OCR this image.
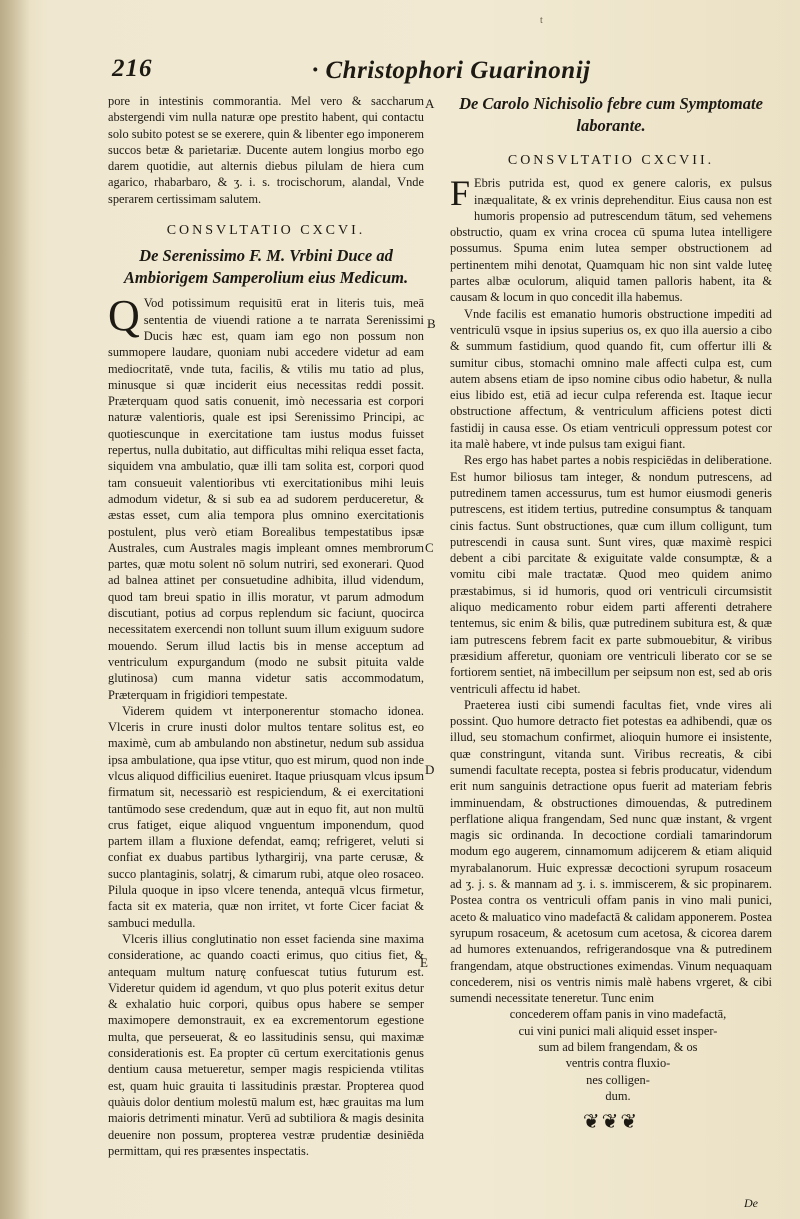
216	· Christophori Guarinonij
t
A
B
C
D
E

pore in intestinis commorantia. Mel vero & saccharum abstergendi vim nulla naturæ ope prestito habent, qui contactu solo subito potest se se exerere, quin & libenter ego imponerem succos betæ & parietariæ. Ducente autem longius morbo ego darem quotidie, aut alternis diebus pilulam de hiera cum agarico, rhabarbaro, & ʒ. i. s. trocischorum, alandal, Vnde sperarem certissimam salutem.

CONSVLTATIO CXCVI.
De Serenissimo F. M. Vrbini Duce ad Ambiorigem Samperolium eius Medicum.

Q Vod potissimum requisitū erat in literis tuis, meā sententia de viuendi ratione a te narrata Serenissimi Ducis hæc est, quam iam ego non possum non summopere laudare, quoniam nubi accedere videtur ad eam mediocritatē, vnde tuta, facilis, & vtilis mu tatio ad plus, minusque si quæ inciderit eius necessitas reddi possit. Præterquam quod satis conuenit, imò necessaria est corpori naturæ valentioris, quale est ipsi Serenissimo Principi, ac quotiescunque in exercitatione tam iustus modus fuisset repertus, nulla dubitatio, aut difficultas mihi reliqua esset facta, siquidem vna ambulatio, quæ illi tam solita est, corpori quod tam consueuit valentioribus vti exercitationibus mihi leuis admodum videtur, & si sub ea ad sudorem perduceretur, & æstas esset, cum alia tempora plus omnino exercitationis postulent, plus verò etiam Borealibus tempestatibus ipsæ Australes, cum Australes magis impleant omnes membrorum partes, quæ motu solent nō solum nutriri, sed exonerari. Quod ad balnea attinet per consuetudine adhibita, illud videndum, quod tam breui spatio in illis moratur, vt parum admodum discutiant, potius ad corpus replendum sic faciunt, quocirca necessitatem exercendi non tollunt suum illum exiguum sudore mouendo. Serum illud lactis bis in mense acceptum ad ventriculum expurgandum (modo ne subsit pituita valde glutinosa) cum manna videtur satis accommodatum, Præterquam in frigidiori tempestate.

Viderem quidem vt interponerentur stomacho idonea. Vlceris in crure inusti dolor multos tentare solitus est, eo maximè, cum ab ambulando non abstinetur, nedum sub assidua ipsa ambulatione, qua ipse vtitur, quo est mirum, quod non inde vlcus aliquod difficilius eueniret. Itaque priusquam vlcus ipsum firmatum sit, necessariò est respiciendum, & ei exercitationi tantūmodo sese credendum, quæ aut in equo fit, aut non multū crus fatiget, eique aliquod vnguentum imponendum, quod partem illam a fluxione defendat, eamq; refrigeret, veluti si confiat ex duabus partibus lythargirij, vna parte cerusæ, & succo plantaginis, solatrj, & cimarum rubi, atque oleo rosaceo. Pilula quoque in ipso vlcere tenenda, antequā vlcus firmetur, facta sit ex materia, quæ non irritet, vt forte Cicer faciat & sambuci medulla.

Vlceris illius conglutinatio non esset facienda sine maxima consideratione, ac quando coacti erimus, quo citius fiet, & antequam multum naturę confuescat tutius futurum est. Videretur quidem id agendum, vt quo plus poterit exitus detur & exhalatio huic corpori, quibus opus habere se semper maximopere demonstrauit, ex ea excrementorum egestione multa, que perseuerat, & eo lassitudinis sensu, qui maximæ considerationis est. Ea propter cū certum exercitationis genus dentium causa metueretur, semper magis respicienda vtilitas est, quam huic grauita ti lassitudinis præstar. Propterea quod quàuis dolor dentium molestū malum est, hæc grauitas ma lum maioris detrimenti minatur. Verū ad subtiliora & magis desinita deuenire non possum, propterea vestræ prudentiæ desiniēda permittam, qui res præsentes inspectatis.

De Carolo Nichisolio febre cum Symptomate laborante.
CONSVLTATIO CXCVII.

F Ebris putrida est, quod ex genere caloris, ex pulsus inæqualitate, & ex vrinis deprehenditur. Eius causa non est humoris propensio ad putrescendum tātum, sed vehemens obstructio, quam ex vrina crocea cū spuma lutea intelligere possumus. Spuma enim lutea semper obstructionem ad pertinentem mihi denotat, Quamquam hic non sint valde luteę partes albæ oculorum, aliquid tamen palloris habent, ita & causam & locum in quo concedit illa habemus.

Vnde facilis est emanatio humoris obstructione impediti ad ventriculū vsque in ipsius superius os, ex quo illa auersio a cibo & summum fastidium, quod quando fit, cum offertur illi & sumitur cibus, stomachi omnino male affecti culpa est, cum autem absens etiam de ipso nomine cibus odio habetur, & nulla eius libido est, etiā ad iecur culpa referenda est. Itaque iecur obstructione affectum, & ventriculum afficiens potest dicti fastidij in causa esse. Os etiam ventriculi oppressum potest cor ita malè habere, vt inde pulsus tam exigui fiant.

Res ergo has habet partes a nobis respiciēdas in deliberatione. Est humor biliosus tam integer, & nondum putrescens, ad putredinem tamen accessurus, tum est humor eiusmodi generis putrescens, est itidem tertius, putredine consumptus & tanquam cinis factus. Sunt obstructiones, quæ cum illum colligunt, tum putrescendi in causa sunt. Sunt vires, quæ maximè respici debent a cibi parcitate & exiguitate valde consumptæ, & a vomitu cibi male tractatæ. Quod meo quidem animo præstabimus, si id humoris, quod ori ventriculi circumsistit aliquo medicamento robur eidem parti afferenti detrahere tentemus, sic enim & bilis, quæ putredinem subitura est, & quæ iam putrescens febrem facit ex parte submouebitur, & viribus præsidium afferetur, quoniam ore ventriculi liberato cor se se fortiorem sentiet, nā imbecillum per seipsum non est, sed ab oris ventriculi affectu id habet.

Praeterea iusti cibi sumendi facultas fiet, vnde vires ali possint. Quo humore detracto fiet potestas ea adhibendi, quæ os illud, seu stomachum confirmet, alioquin humore ei insistente, quæ constringunt, vitanda sunt. Viribus recreatis, & cibi sumendi facultate recepta, postea si febris producatur, videndum erit num sanguinis detractione opus fuerit ad materiam febris imminuendam, & obstructiones dimouendas, & putredinem perflatione aliqua frangendam, Sed nunc quæ instant, & vrgent magis sic ordinanda. In decoctione cordiali tamarindorum modum ego augerem, cinnamomum adijcerem & etiam aliquid myrabalanorum. Huic expressæ decoctioni syrupum rosaceum ad ʒ. j. s. & mannam ad ʒ. i. s. immiscerem, & sic propinarem. Postea contra os ventriculi offam panis in vino mali punici, aceto & maluatico vino madefactā & calidam apponerem. Postea syrupum rosaceum, & acetosum cum acetosa, & cicorea darem ad humores extenuandos, refrigerandosque vna & putredinem frangendam, atque obstructiones eximendas. Vinum nequaquam concederem, nisi os ventris nimis malè habens vrgeret, & cibi sumendi necessitate teneretur. Tunc enim

concederem offam panis in vino madefactā,

cui vini punici mali aliquid esset insper-

sum ad bilem frangendam, & os

ventris contra fluxio-

nes colligen-

dum.

❦❦❦
De
